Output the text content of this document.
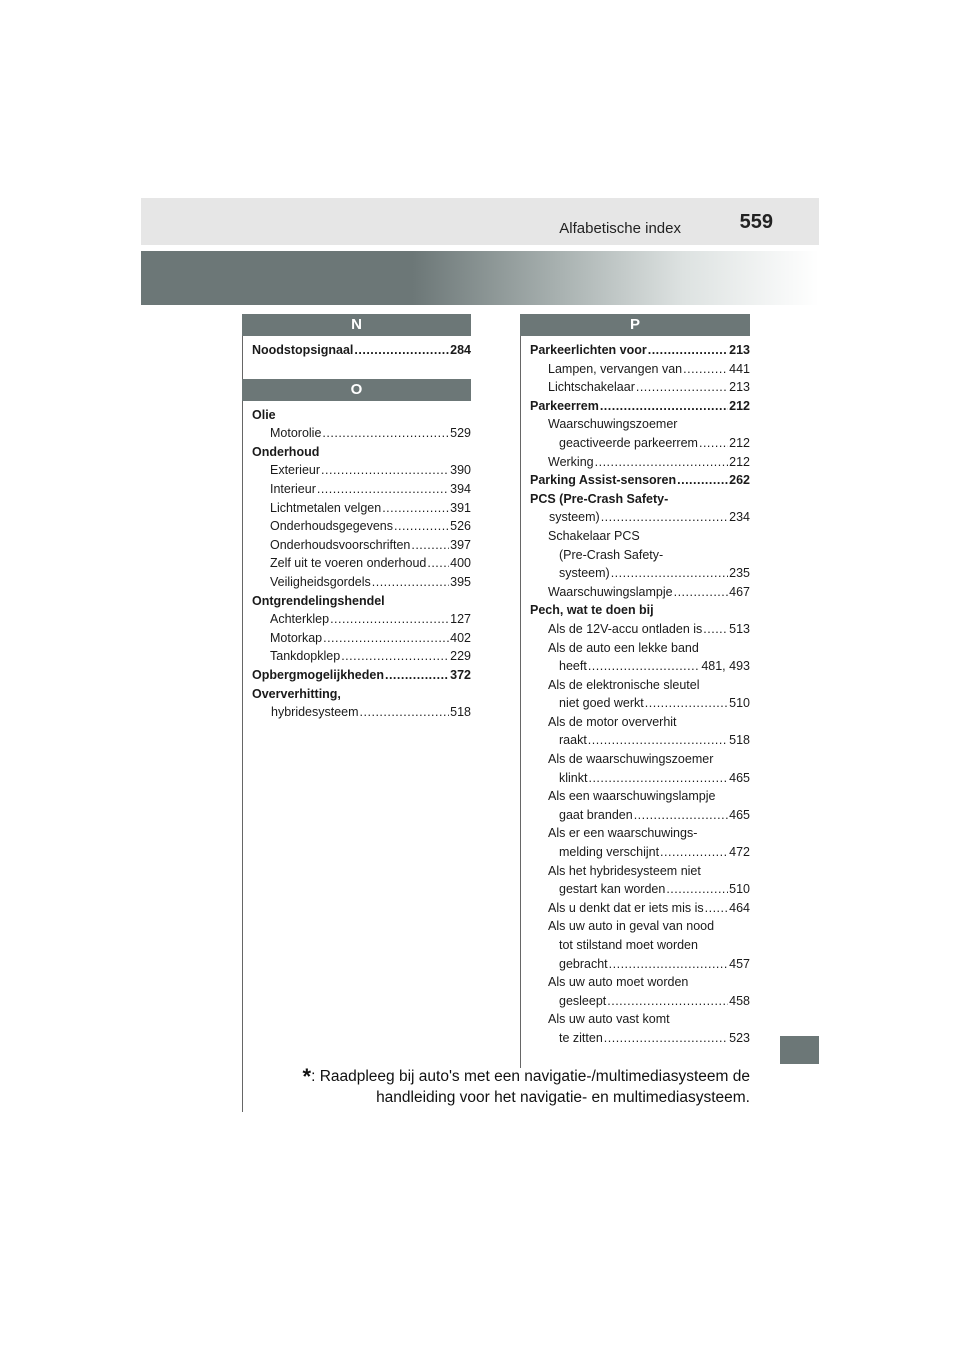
Alfabetische index	559
N
Noodstopsignaal .....	284
O
Olie
Motorolie .....	529
Onderhoud
Exterieur .....	390
Interieur .....	394
Lichtmetalen velgen .....	391
Onderhoudsgegevens .....	526
Onderhoudsvoorschriften .....	397
Zelf uit te voeren onderhoud ..... 400
Veiligheidsgordels .....	395
Ontgrendelingshendel
Achterklep .....	127
Motorkap .....	402
Tankdopklep .....	229
Opbergmogelijkheden .....	372
Oververhitting,
hybridesysteem .....	518
P
Parkeerlichten voor .....	213
Lampen, vervangen van .....	441
Lichtschakelaar .....	213
Parkeerrem .....	212
Waarschuwingszoemer
geactiveerde parkeerrem ..... 212
Werking .....	212
Parking Assist-sensoren .....	262
PCS (Pre-Crash Safety-
systeem) .....	234
Schakelaar PCS
(Pre-Crash Safety-
systeem) .....	235
Waarschuwingslampje .....	467
Pech, wat te doen bij
Als de 12V-accu ontladen is ..... 513
Als de auto een lekke band
heeft .....	481, 493
Als de elektronische sleutel
niet goed werkt .....	510
Als de motor oververhit
raakt .....	518
Als de waarschuwingszoemer
klinkt .....	465
Als een waarschuwingslampje
gaat branden .....	465
Als er een waarschuwings-
melding verschijnt .....	472
Als het hybridesysteem niet
gestart kan worden .....	510
Als u denkt dat er iets mis is ..... 464
Als uw auto in geval van nood
tot stilstand moet worden
gebracht .....	457
Als uw auto moet worden
gesleept .....	458
Als uw auto vast komt
te zitten .....	523
*: Raadpleeg bij auto's met een navigatie-/multimediasysteem de
handleiding voor het navigatie- en multimediasysteem.
